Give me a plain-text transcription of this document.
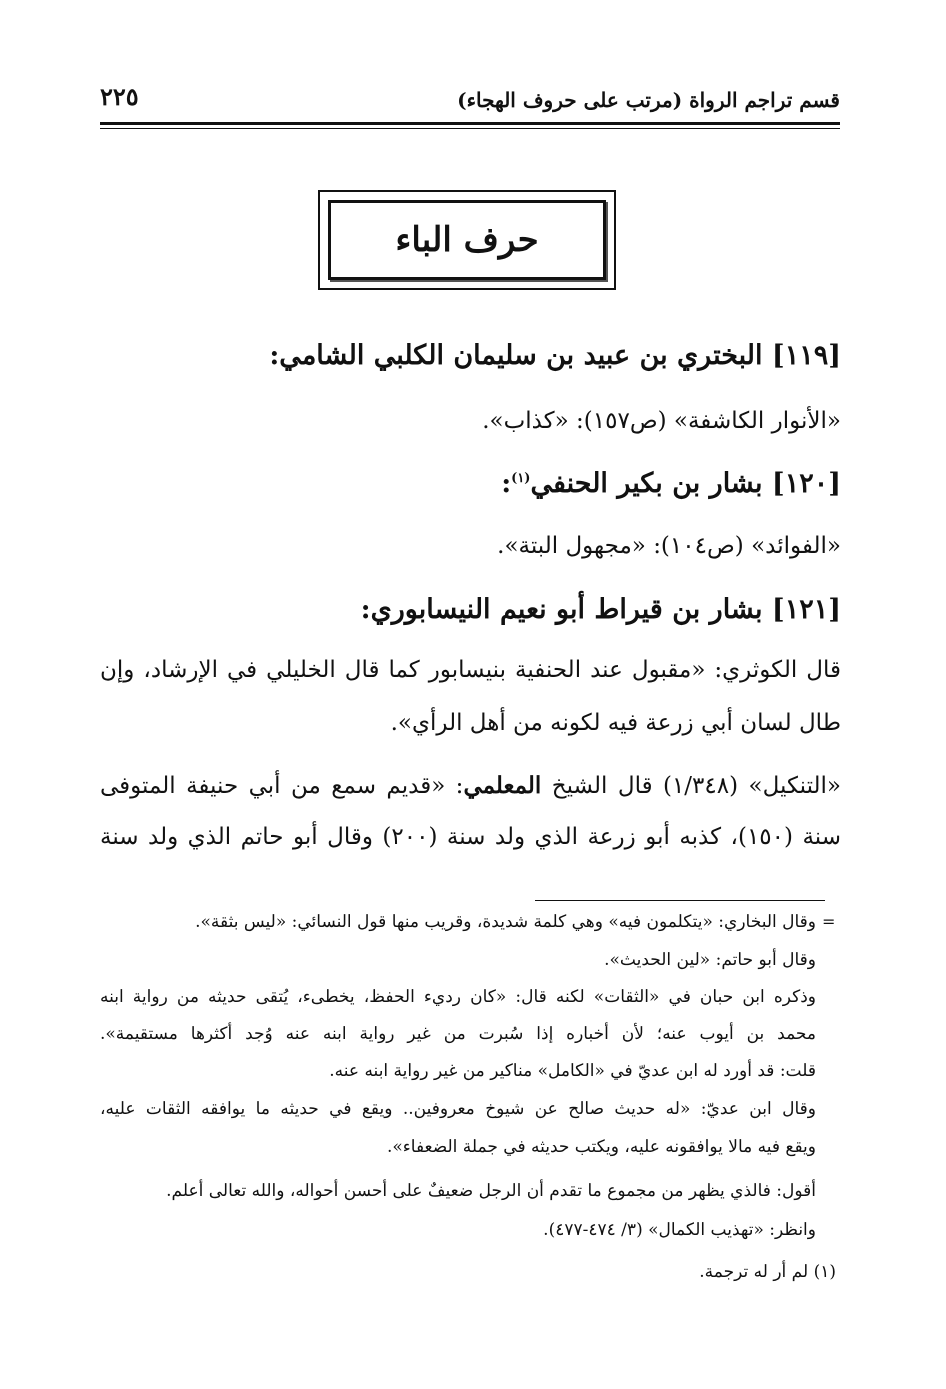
قسم تراجم الرواة (مرتب على حروف الهجاء)
٢٢٥
حرف الباء
[١١٩] البختري بن عبيد بن سليمان الكلبي الشامي:
«الأنوار الكاشفة» (ص١٥٧): «كذاب».
[١٢٠] بشار بن بكير الحنفي$^{(١)}$:
«الفوائد» (ص١٠٤): «مجهول البتة».
[١٢١] بشار بن قيراط أبو نعيم النيسابوري:
قال الكوثري: «مقبول عند الحنفية بنيسابور كما قال الخليلي في الإرشاد، وإن
طال لسان أبي زرعة فيه لكونه من أهل الرأي».
«التنكيل» (١/٣٤٨) قال الشيخ المعلمي: «قديم سمع من أبي حنيفة المتوفى
سنة (١٥٠)، كذبه أبو زرعة الذي ولد سنة (٢٠٠) وقال أبو حاتم الذي ولد سنة
=
وقال البخاري: «يتكلمون فيه» وهي كلمة شديدة، وقريب منها قول النسائي: «ليس بثقة».
وقال أبو حاتم: «لين الحديث».
وذكره ابن حبان في «الثقات» لكنه قال: «كان رديء الحفظ، يخطىء، يُتقى حديثه من رواية ابنه
محمد بن أيوب عنه؛ لأن أخباره إذا سُبرت من غير رواية ابنه عنه وُجد أكثرها مستقيمة».
قلت: قد أورد له ابن عديّ في «الكامل» مناكير من غير رواية ابنه عنه.
وقال ابن عديّ: «له حديث صالح عن شيوخ معروفين.. ويقع في حديثه ما يوافقه الثقات عليه،
ويقع فيه مالا يوافقونه عليه، ويكتب حديثه في جملة الضعفاء».
أقول: فالذي يظهر من مجموع ما تقدم أن الرجل ضعيفٌ على أحسن أحواله، والله تعالى أعلم.
وانظر: «تهذيب الكمال» (٣/ ٤٧٤-٤٧٧).
(١) لم أر له ترجمة.
